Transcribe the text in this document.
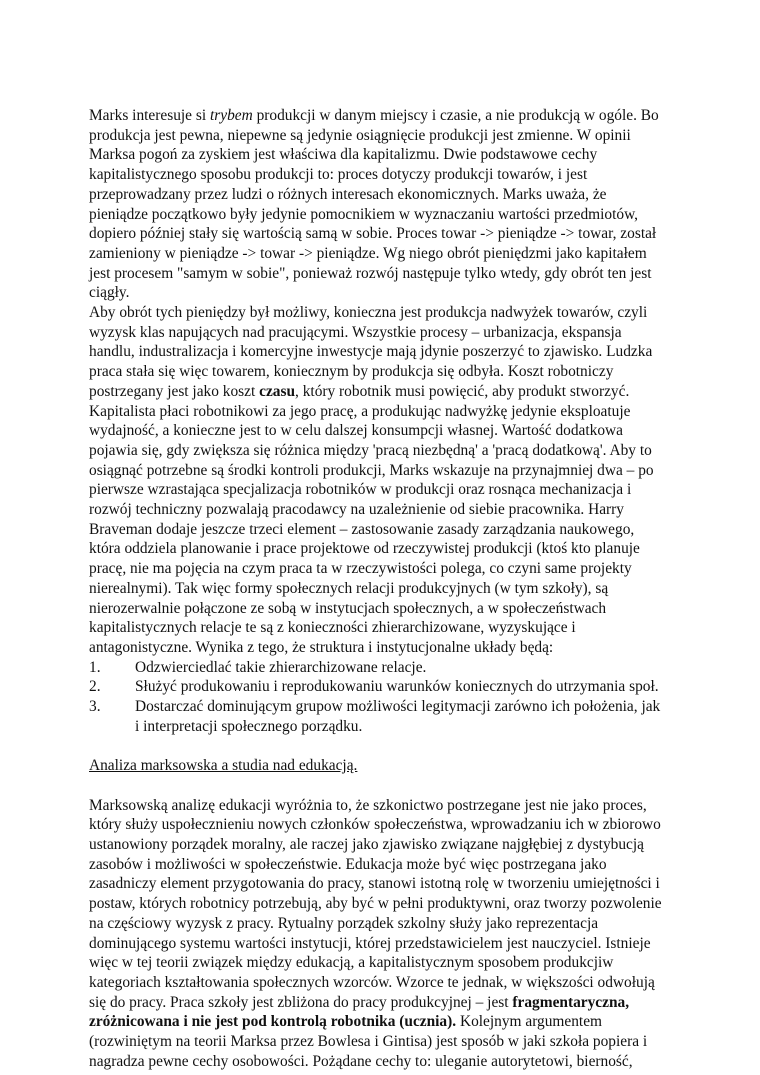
Marks interesuje si trybem produkcji w danym miejscy i czasie, a nie produkcją w ogóle. Bo produkcja jest pewna, niepewne są jedynie osiągnięcie produkcji jest zmienne. W opinii Marksa pogoń za zyskiem jest właściwa dla kapitalizmu. Dwie podstawowe cechy kapitalistycznego sposobu produkcji to: proces dotyczy produkcji towarów, i jest przeprowadzany przez ludzi o różnych interesach ekonomicznych. Marks uważa, że pieniądze początkowo były jedynie pomocnikiem w wyznaczaniu wartości przedmiotów, dopiero później stały się wartością samą w sobie. Proces towar -> pieniądze -> towar, został zamieniony w pieniądze -> towar -> pieniądze. Wg niego obrót pieniędzmi jako kapitałem jest procesem "samym w sobie", ponieważ rozwój następuje tylko wtedy, gdy obrót ten jest ciągły.

Aby obrót tych pieniędzy był możliwy, konieczna jest produkcja nadwyżek towarów, czyli wyzysk klas napujących nad pracującymi. Wszystkie procesy – urbanizacja, ekspansja handlu, industralizacja i komercyjne inwestycje mają jdynie poszerzyć to zjawisko. Ludzka praca stała się więc towarem, koniecznym by produkcja się odbyła. Koszt robotniczy postrzegany jest jako koszt czasu, który robotnik musi powięcić, aby produkt stworzyć. Kapitalista płaci robotnikowi za jego pracę, a produkując nadwyżkę jedynie eksploatuje wydajność, a konieczne jest to w celu dalszej konsumpcji własnej. Wartość dodatkowa pojawia się, gdy zwiększa się różnica między 'pracą niezbędną' a 'pracą dodatkową'. Aby to osiągnąć potrzebne są środki kontroli produkcji, Marks wskazuje na przynajmniej dwa – po pierwsze wzrastająca specjalizacja robotników w produkcji oraz rosnąca mechanizacja i rozwój techniczny pozwalają pracodawcy na uzależnienie od siebie pracownika. Harry Braveman dodaje jeszcze trzeci element – zastosowanie zasady zarządzania naukowego, która oddziela planowanie i prace projektowe od rzeczywistej produkcji (ktoś kto planuje pracę, nie ma pojęcia na czym praca ta w rzeczywistości polega, co czyni same projekty nierealnymi). Tak więc formy społecznych relacji produkcyjnych (w tym szkoły), są nierozerwalnie połączone ze sobą w instytucjach społecznych, a w społeczeństwach kapitalistycznych relacje te są z konieczności zhierarchizowane, wyzyskujące i antagonistyczne. Wynika z tego, że struktura i instytucjonalne układy będą:

1.	Odzwierciedlać takie zhierarchizowane relacje.
2.	Służyć produkowaniu i reprodukowaniu warunków koniecznych do utrzymania społ.
3.	Dostarczać dominującym grupow możliwości legitymacji zarówno ich położenia, jak i interpretacji społecznego porządku.

Analiza marksowska a studia nad edukacją.

Marksowską analizę edukacji wyróżnia to, że szkonictwo postrzegane jest nie jako proces, który służy uspołecznieniu nowych członków społeczeństwa, wprowadzaniu ich w zbiorowo ustanowiony porządek moralny, ale raczej jako zjawisko związane najgłębiej z dystybucją zasobów i możliwości w społeczeństwie. Edukacja może być więc postrzegana jako zasadniczy element przygotowania do pracy, stanowi istotną rolę w tworzeniu umiejętności i postaw, których robotnicy potrzebują, aby być w pełni produktywni, oraz tworzy pozwolenie na częściowy wyzysk z pracy. Rytualny porządek szkolny służy jako reprezentacja dominującego systemu wartości instytucji, której przedstawicielem jest nauczyciel. Istnieje więc w tej teorii związek między edukacją, a kapitalistycznym sposobem produkcjiw kategoriach kształtowania społecznych wzorców. Wzorce te jednak, w większości odwołują się do pracy. Praca szkoły jest zbliżona do pracy produkcyjnej – jest fragmentaryczna, zróżnicowana i nie jest pod kontrolą robotnika (ucznia). Kolejnym argumentem (rozwiniętym na teorii Marksa przez Bowlesa i Gintisa) jest sposób w jaki szkoła popiera i nagradza pewne cechy osobowości. Pożądane cechy to: uleganie autorytetowi, bierność,
